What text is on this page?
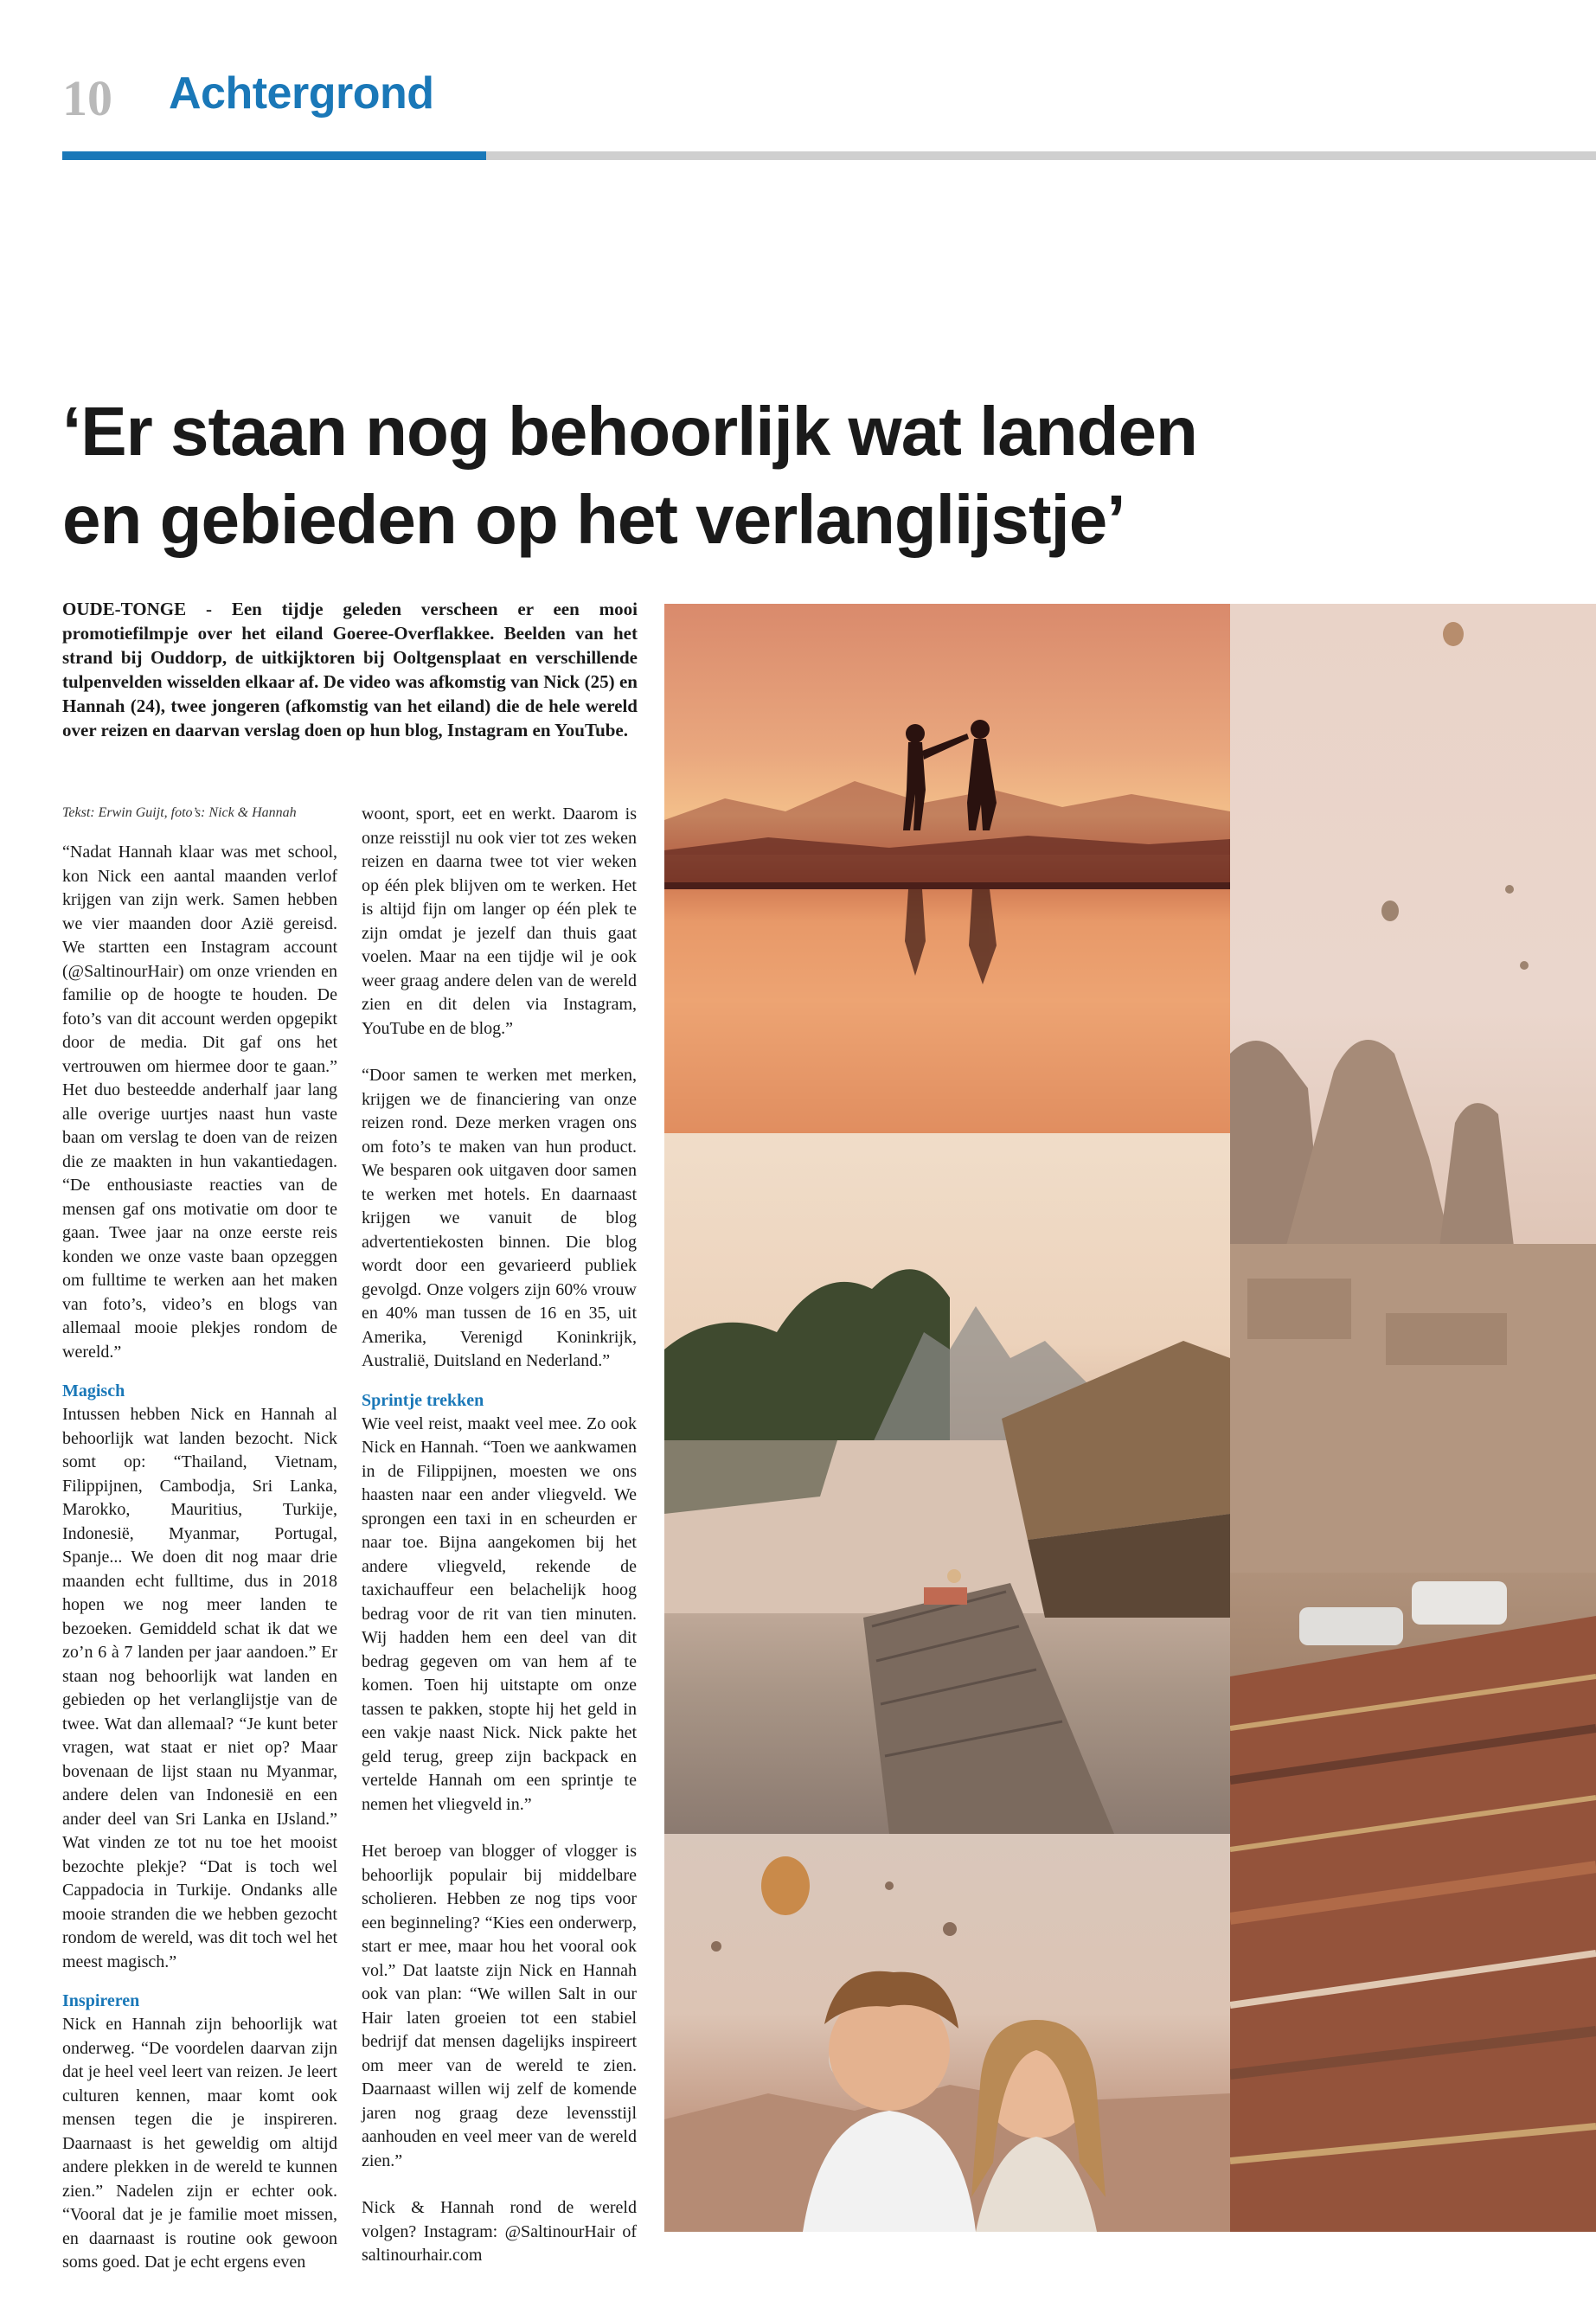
10 Achtergrond
‘Er staan nog behoorlijk wat landen
en gebieden op het verlanglijstje’

OUDE-TONGE - Een tijdje geleden verscheen er een mooi promotiefilmpje over het eiland Goeree-Overflakkee. Beelden van het strand bij Ouddorp, de uitkijktoren bij Ooltgensplaat en verschillende tulpenvelden wisselden elkaar af. De video was afkomstig van Nick (25) en Hannah (24), twee jongeren (afkomstig van het eiland) die de hele wereld over reizen en daarvan verslag doen op hun blog, Instagram en YouTube.

Tekst: Erwin Guijt, foto’s: Nick & Hannah

“Nadat Hannah klaar was met school, kon Nick een aantal maanden verlof krijgen van zijn werk. Samen hebben we vier maanden door Azië gereisd. We startten een Instagram account (@SaltinourHair) om onze vrienden en familie op de hoogte te houden. De foto’s van dit account werden opgepikt door de media. Dit gaf ons het vertrouwen om hiermee door te gaan.” Het duo besteedde anderhalf jaar lang alle overige uurtjes naast hun vaste baan om verslag te doen van de reizen die ze maakten in hun vakantiedagen. “De enthousiaste reacties van de mensen gaf ons motivatie om door te gaan. Twee jaar na onze eerste reis konden we onze vaste baan opzeggen om fulltime te werken aan het maken van foto’s, video’s en blogs van allemaal mooie plekjes rondom de wereld.”

Magisch

Intussen hebben Nick en Hannah al behoorlijk wat landen bezocht. Nick somt op: “Thailand, Vietnam, Filippijnen, Cambodja, Sri Lanka, Marokko, Mauritius, Turkije, Indonesië, Myanmar, Portugal, Spanje... We doen dit nog maar drie maanden echt fulltime, dus in 2018 hopen we nog meer landen te bezoeken. Gemiddeld schat ik dat we zo’n 6 à 7 landen per jaar aandoen.” Er staan nog behoorlijk wat landen en gebieden op het verlanglijstje van de twee. Wat dan allemaal? “Je kunt beter vragen, wat staat er niet op? Maar bovenaan de lijst staan nu Myanmar, andere delen van Indonesië en een ander deel van Sri Lanka en IJsland.” Wat vinden ze tot nu toe het mooist bezochte plekje? “Dat is toch wel Cappadocia in Turkije. Ondanks alle mooie stranden die we hebben gezocht rondom de wereld, was dit toch wel het meest magisch.”

Inspireren

Nick en Hannah zijn behoorlijk wat onderweg. “De voordelen daarvan zijn dat je heel veel leert van reizen. Je leert culturen kennen, maar komt ook mensen tegen die je inspireren. Daarnaast is het geweldig om altijd andere plekken in de wereld te kunnen zien.” Nadelen zijn er echter ook. “Vooral dat je je familie moet missen, en daarnaast is routine ook gewoon soms goed. Dat je echt ergens even

woont, sport, eet en werkt. Daarom is onze reisstijl nu ook vier tot zes weken reizen en daarna twee tot vier weken op één plek blijven om te werken. Het is altijd fijn om langer op één plek te zijn omdat je jezelf dan thuis gaat voelen. Maar na een tijdje wil je ook weer graag andere delen van de wereld zien en dit delen via Instagram, YouTube en de blog.”

“Door samen te werken met merken, krijgen we de financiering van onze reizen rond. Deze merken vragen ons om foto’s te maken van hun product. We besparen ook uitgaven door samen te werken met hotels. En daarnaast krijgen we vanuit de blog advertentiekosten binnen. Die blog wordt door een gevarieerd publiek gevolgd. Onze volgers zijn 60% vrouw en 40% man tussen de 16 en 35, uit Amerika, Verenigd Koninkrijk, Australië, Duitsland en Nederland.”

Sprintje trekken

Wie veel reist, maakt veel mee. Zo ook Nick en Hannah. “Toen we aankwamen in de Filippijnen, moesten we ons haasten naar een ander vliegveld. We sprongen een taxi in en scheurden er naar toe. Bijna aangekomen bij het andere vliegveld, rekende de taxichauffeur een belachelijk hoog bedrag voor de rit van tien minuten. Wij hadden hem een deel van dit bedrag gegeven om van hem af te komen. Toen hij uitstapte om onze tassen te pakken, stopte hij het geld in een vakje naast Nick. Nick pakte het geld terug, greep zijn backpack en vertelde Hannah om een sprintje te nemen het vliegveld in.”

Het beroep van blogger of vlogger is behoorlijk populair bij middelbare scholieren. Hebben ze nog tips voor een beginneling? “Kies een onderwerp, start er mee, maar hou het vooral ook vol.” Dat laatste zijn Nick en Hannah ook van plan: “We willen Salt in our Hair laten groeien tot een stabiel bedrijf dat mensen dagelijks inspireert om meer van de wereld te zien. Daarnaast willen wij zelf de komende jaren nog graag deze levensstijl aanhouden en veel meer van de wereld zien.”

Nick & Hannah rond de wereld volgen? Instagram: @SaltinourHair of saltinourhair.com
